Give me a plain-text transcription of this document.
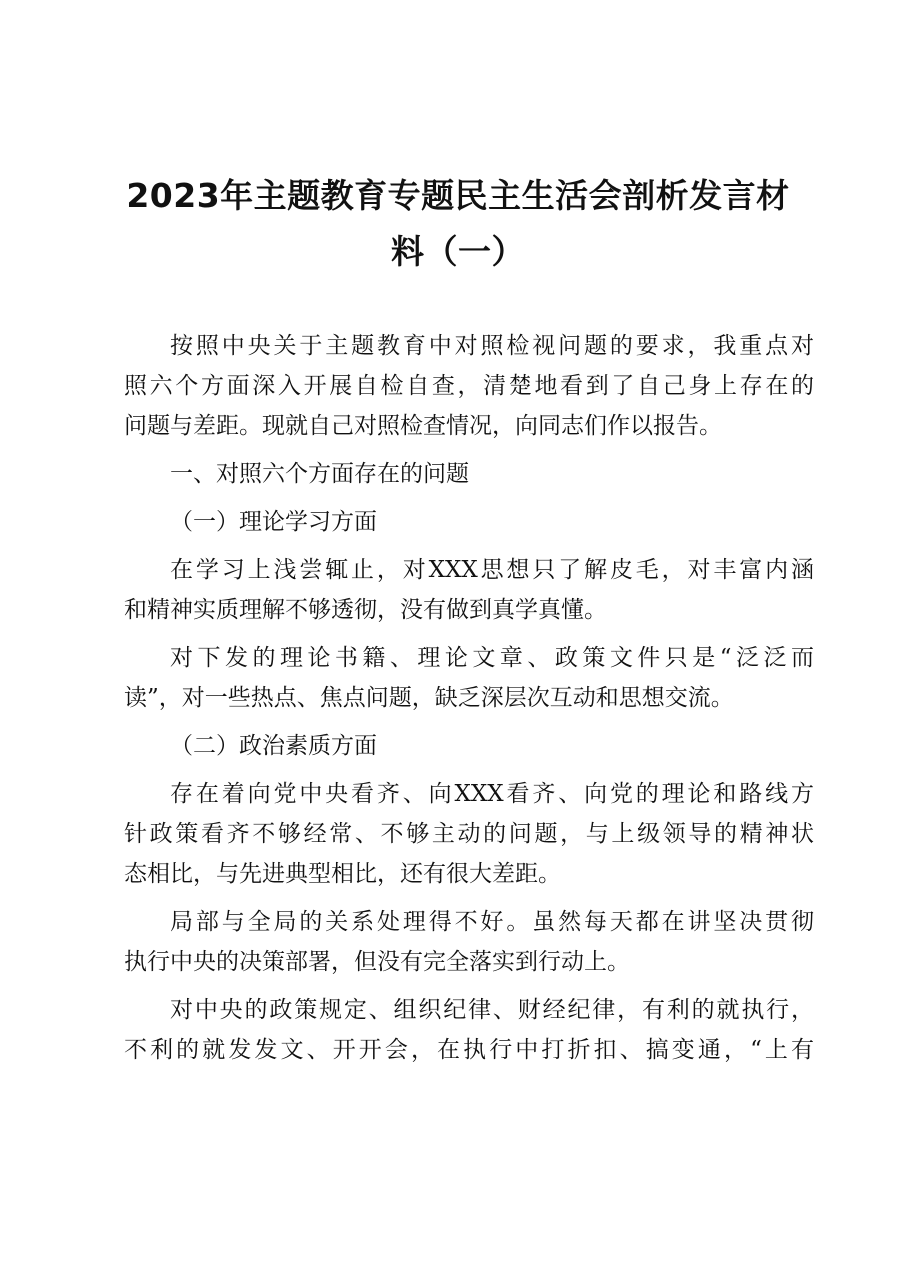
2023年主题教育专题民主生活会剖析发言材
料（一）

按照中央关于主题教育中对照检视问题的要求，我重点对
照六个方面深入开展自检自查，清楚地看到了自己身上存在的
问题与差距。现就自己对照检查情况，向同志们作以报告。

一、对照六个方面存在的问题

（一）理论学习方面

在学习上浅尝辄止，对XXX思想只了解皮毛，对丰富内涵
和精神实质理解不够透彻，没有做到真学真懂。

对下发的理论书籍、理论文章、政策文件只是“泛泛而
读”，对一些热点、焦点问题，缺乏深层次互动和思想交流。

（二）政治素质方面

存在着向党中央看齐、向XXX看齐、向党的理论和路线方
针政策看齐不够经常、不够主动的问题，与上级领导的精神状
态相比，与先进典型相比，还有很大差距。

局部与全局的关系处理得不好。虽然每天都在讲坚决贯彻
执行中央的决策部署，但没有完全落实到行动上。

对中央的政策规定、组织纪律、财经纪律，有利的就执行，
不利的就发发文、开开会，在执行中打折扣、搞变通，“上有
